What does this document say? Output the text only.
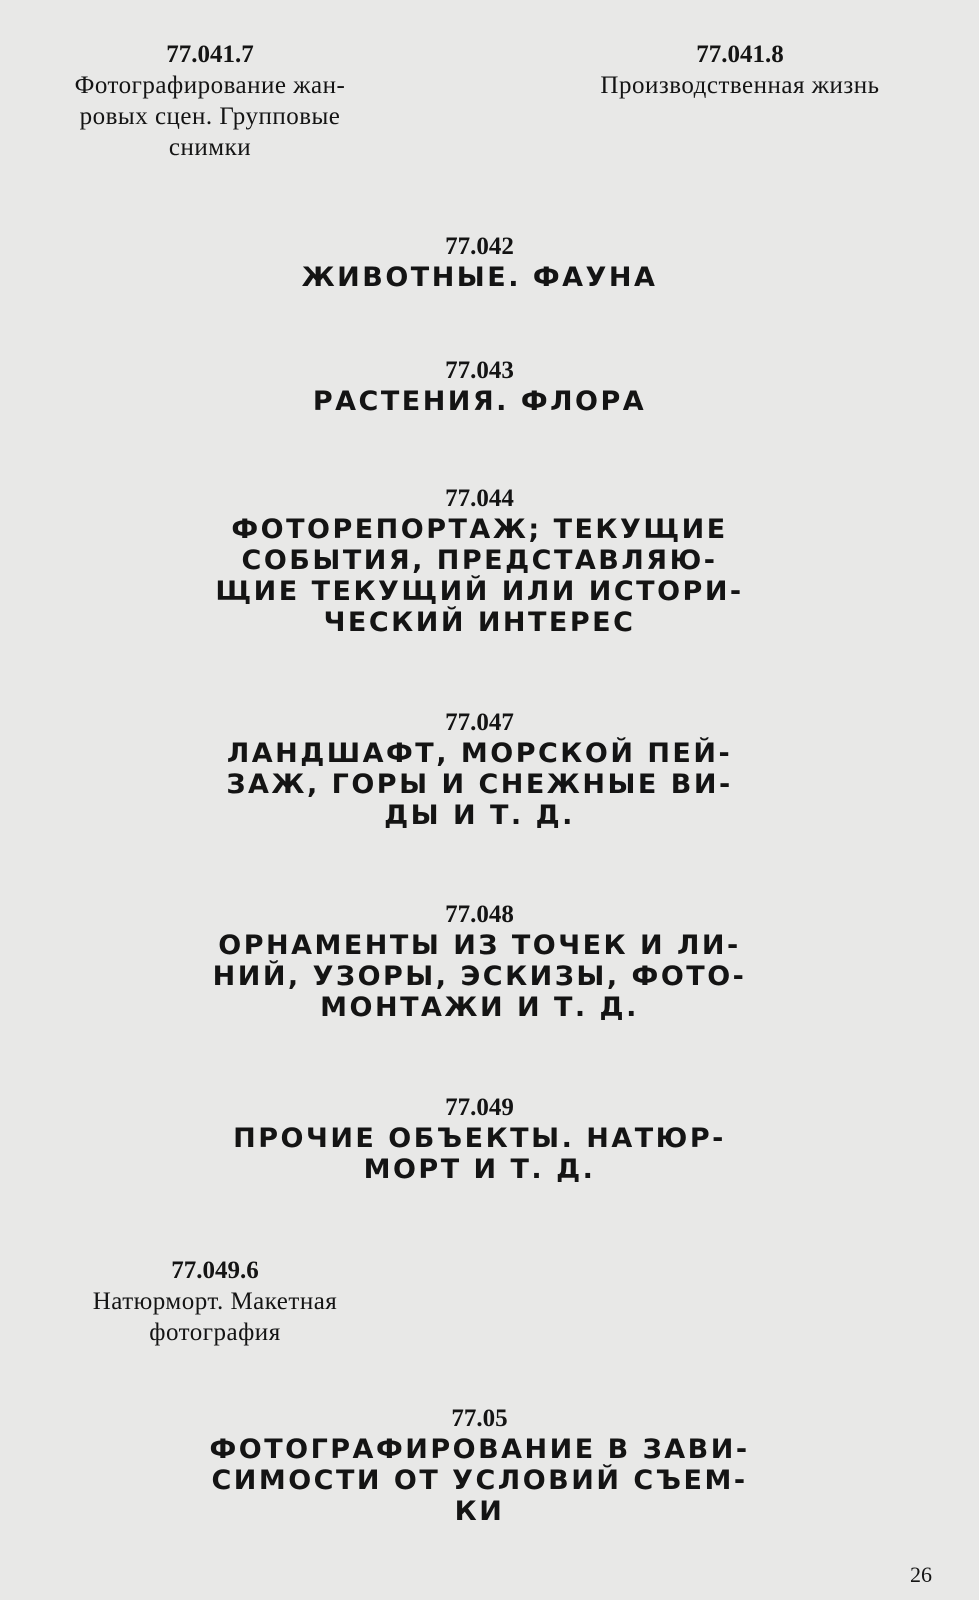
77.041.7
Фотографирование жан-
ровых сцен. Групповые
снимки
77.041.8
Производственная жизнь
77.042
ЖИВОТНЫЕ. ФАУНА
77.043
РАСТЕНИЯ. ФЛОРА
77.044
ФОТОРЕПОРТАЖ; ТЕКУЩИЕ
СОБЫТИЯ, ПРЕДСТАВЛЯЮ-
ЩИЕ ТЕКУЩИЙ ИЛИ ИСТОРИ-
ЧЕСКИЙ ИНТЕРЕС
77.047
ЛАНДШАФТ, МОРСКОЙ ПЕЙ-
ЗАЖ, ГОРЫ И СНЕЖНЫЕ ВИ-
ДЫ И Т. Д.
77.048
ОРНАМЕНТЫ ИЗ ТОЧЕК И ЛИ-
НИЙ, УЗОРЫ, ЭСКИЗЫ, ФОТО-
МОНТАЖИ И Т. Д.
77.049
ПРОЧИЕ ОБЪЕКТЫ. НАТЮР-
МОРТ И Т. Д.
77.049.6
Натюрморт. Макетная
фотография
77.05
ФОТОГРАФИРОВАНИЕ В ЗАВИ-
СИМОСТИ ОТ УСЛОВИЙ СЪЕМ-
КИ
26
